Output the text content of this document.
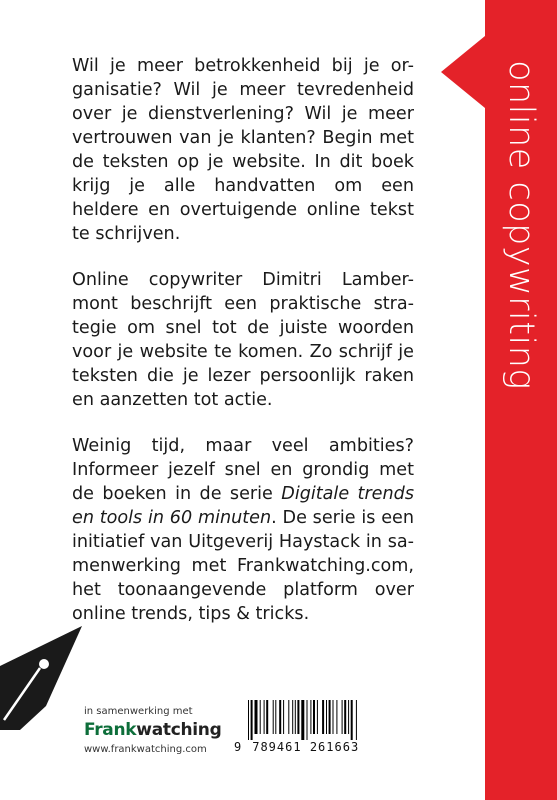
online copywriting

Wil je meer betrokkenheid bij je or-ganisatie? Wil je meer tevredenheid over je dienstverlening? Wil je meer vertrouwen van je klanten? Begin met de teksten op je website. In dit boek krijg je alle handvatten om een heldere en overtuigende online tekst te schrijven.

Online copywriter Dimitri Lamber-mont beschrijft een praktische stra-tegie om snel tot de juiste woorden voor je website te komen. Zo schrijf je teksten die je lezer persoonlijk raken en aanzetten tot actie.

Weinig tijd, maar veel ambities? Informeer jezelf snel en grondig met de boeken in de serie Digitale trends en tools in 60 minuten. De serie is een initiatief van Uitgeverij Haystack in sa-menwerking met Frankwatching.com, het toonaangevende platform over online trends, tips & tricks.

in samenwerking met
Frankwatching
www.frankwatching.com	9 789461 261663
